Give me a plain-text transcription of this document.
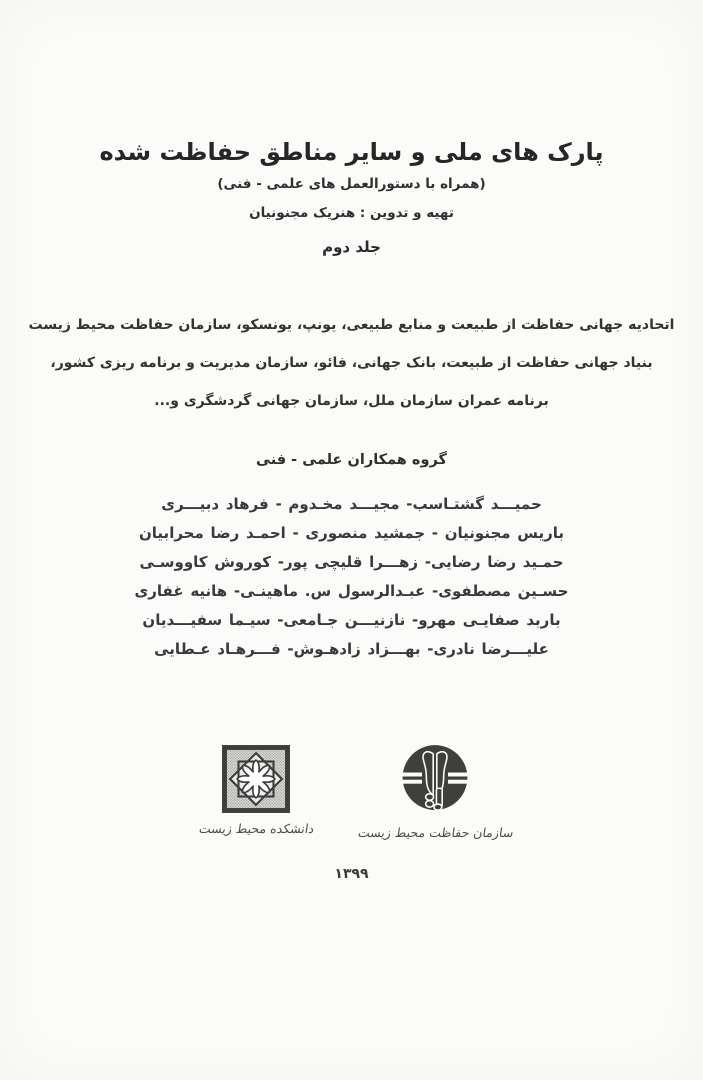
پارک های ملی و سایر مناطق حفاظت شده
(همراه با دستورالعمل های علمی - فنی)
تهیه و تدوین : هنریک مجنونیان
جلد دوم
اتحادیه جهانی حفاظت از طبیعت و منابع طبیعی، یونپ، یونسکو، سازمان حفاظت محیط زیست
بنیاد جهانی حفاظت از طبیعت، بانک جهانی، فائو، سازمان مدیریت و برنامه ریزی کشور،
برنامه عمران سازمان ملل، سازمان جهانی گردشگری و...
گروه همکاران علمی - فنی
حمیـــد گشتـاسب- مجیـــد مخـدوم - فرهاد دبیـــری
باریس مجنونیان - جمشید منصوری - احمـد رضا محرابیان
حمـید رضا رضایی- زهـــرا قلیچی پور- کوروش کاووسـی
حسـین مصطفوی- عبـدالرسول س. ماهینـی- هانیه غفاری
باربد صفایـی مهرو- نازنیـــن جـامعی- سیـما سفیـــدیان
علیـــرضا نادری- بهـــزاد زادهـوش- فـــرهـاد عـطایی
سازمان حفاظت محیط زیست
دانشکده محیط زیست
۱۳۹۹
